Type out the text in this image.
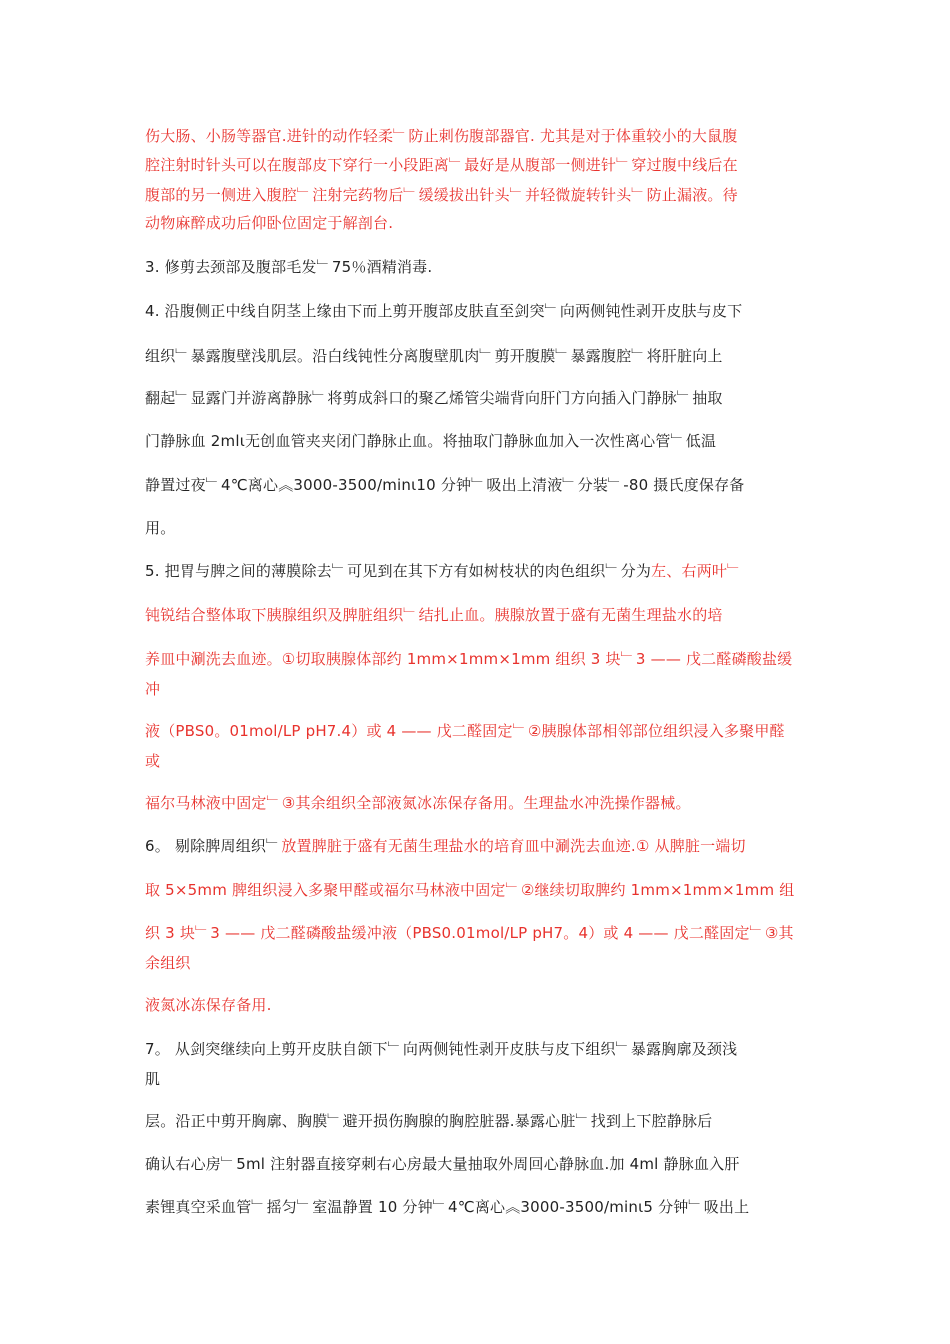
伤大肠、小肠等器官.进针的动作轻柔﹂防止刺伤腹部器官. 尤其是对于体重较小的大鼠腹
腔注射时针头可以在腹部皮下穿行一小段距离﹂最好是从腹部一侧进针﹂穿过腹中线后在
腹部的另一侧进入腹腔﹂注射完药物后﹂缓缓拔出针头﹂并轻微旋转针头﹂防止漏液。待
动物麻醉成功后仰卧位固定于解剖台.
3. 修剪去颈部及腹部毛发﹂75％酒精消毒.
4. 沿腹侧正中线自阴茎上缘由下而上剪开腹部皮肤直至剑突﹂向两侧钝性剥开皮肤与皮下
组织﹂暴露腹壁浅肌层。沿白线钝性分离腹壁肌肉﹂剪开腹膜﹂暴露腹腔﹂将肝脏向上
翻起﹂显露门并游离静脉﹂将剪成斜口的聚乙烯管尖端背向肝门方向插入门静脉﹂抽取
门静脉血 2mlι无创血管夹夹闭门静脉止血。将抽取门静脉血加入一次性离心管﹂低温
静置过夜﹂4℃离心︽3000-3500/minι10 分钟﹂吸出上清液﹂分装﹂-80 摄氏度保存备
用。
5. 把胃与脾之间的薄膜除去﹂可见到在其下方有如树枝状的肉色组织﹂分为左、右两叶﹂
钝锐结合整体取下胰腺组织及脾脏组织﹂结扎止血。胰腺放置于盛有无菌生理盐水的培
养皿中涮洗去血迹。①切取胰腺体部约 1mm×1mm×1mm 组织 3 块﹂3 —— 戊二醛磷酸盐缓
冲
液（PBS0。01mol/LP pH7.4）或 4 —— 戊二醛固定﹂②胰腺体部相邻部位组织浸入多聚甲醛
或
福尔马林液中固定﹂③其余组织全部液氮冰冻保存备用。生理盐水冲洗操作器械。
6。 剔除脾周组织﹂放置脾脏于盛有无菌生理盐水的培育皿中涮洗去血迹.① 从脾脏一端切
取 5×5mm 脾组织浸入多聚甲醛或福尔马林液中固定﹂②继续切取脾约 1mm×1mm×1mm 组
织 3 块﹂3 —— 戊二醛磷酸盐缓冲液（PBS0.01mol/LP pH7。4）或 4 —— 戊二醛固定﹂③其
余组织
液氮冰冻保存备用.
7。 从剑突继续向上剪开皮肤自颌下﹂向两侧钝性剥开皮肤与皮下组织﹂暴露胸廓及颈浅
肌
层。沿正中剪开胸廓、胸膜﹂避开损伤胸腺的胸腔脏器.暴露心脏﹂找到上下腔静脉后
确认右心房﹂5ml 注射器直接穿刺右心房最大量抽取外周回心静脉血.加 4ml 静脉血入肝
素锂真空采血管﹂摇匀﹂室温静置 10 分钟﹂4℃离心︽3000-3500/minι5 分钟﹂吸出上
